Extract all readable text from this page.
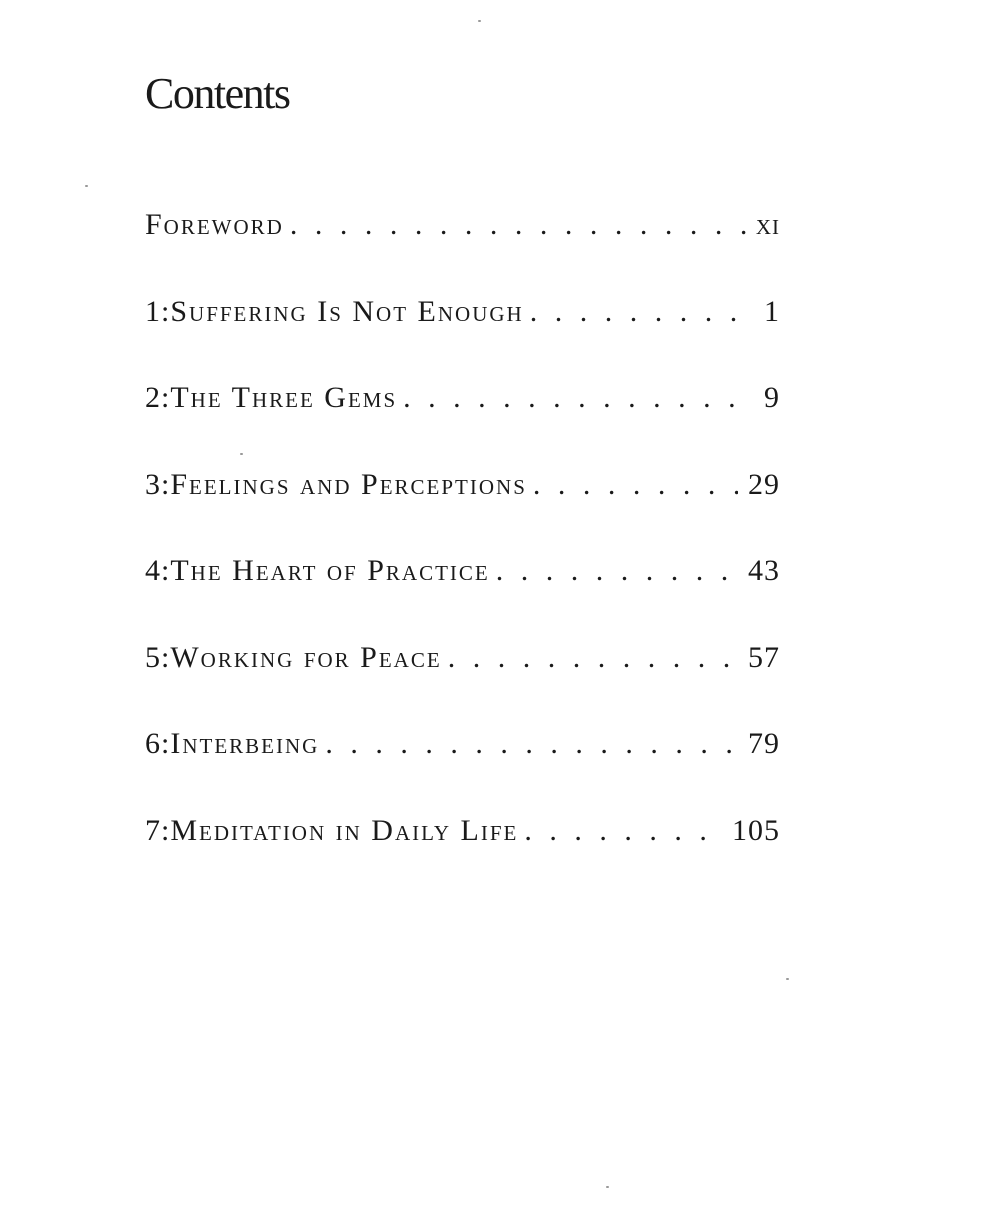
Contents
Foreword . . .	xi
1: Suffering Is Not Enough . . .	1
2: The Three Gems . . .	9
3: Feelings and Perceptions . . .	29
4: The Heart of Practice . . .	43
5: Working for Peace . . .	57
6: Interbeing . . .	79
7: Meditation in Daily Life . . .	105
